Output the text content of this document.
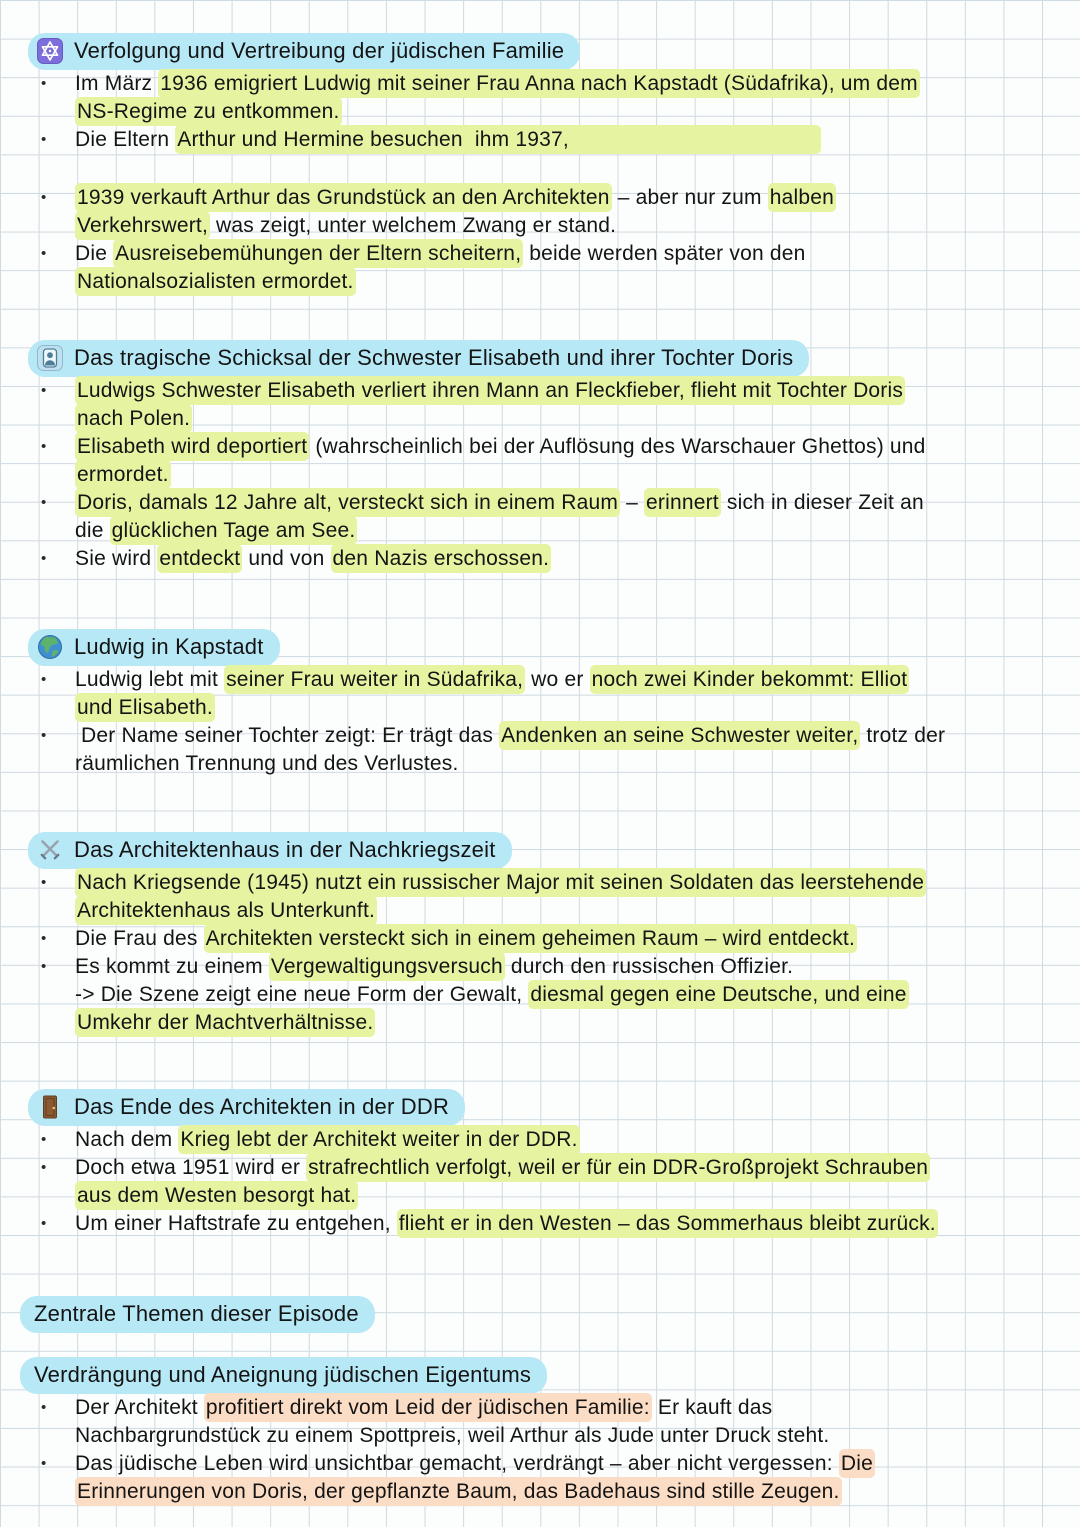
Verfolgung und Vertreibung der jüdischen Familie
•	Im März 1936 emigriert Ludwig mit seiner Frau Anna nach Kapstadt (Südafrika), um dem
NS-Regime zu entkommen.
•	Die Eltern Arthur und Hermine besuchen  ihm 1937,
•	1939 verkauft Arthur das Grundstück an den Architekten – aber nur zum halben
Verkehrswert, was zeigt, unter welchem Zwang er stand.
•	Die Ausreisebemühungen der Eltern scheitern, beide werden später von den
Nationalsozialisten ermordet.
Das tragische Schicksal der Schwester Elisabeth und ihrer Tochter Doris
•	Ludwigs Schwester Elisabeth verliert ihren Mann an Fleckfieber, flieht mit Tochter Doris
nach Polen.
•	Elisabeth wird deportiert (wahrscheinlich bei der Auflösung des Warschauer Ghettos) und
ermordet.
•	Doris, damals 12 Jahre alt, versteckt sich in einem Raum – erinnert sich in dieser Zeit an
die glücklichen Tage am See.
•	Sie wird entdeckt und von den Nazis erschossen.
Ludwig in Kapstadt
•	Ludwig lebt mit seiner Frau weiter in Südafrika, wo er noch zwei Kinder bekommt: Elliot
und Elisabeth.
•	Der Name seiner Tochter zeigt: Er trägt das Andenken an seine Schwester weiter, trotz der
räumlichen Trennung und des Verlustes.
Das Architektenhaus in der Nachkriegszeit
•	Nach Kriegsende (1945) nutzt ein russischer Major mit seinen Soldaten das leerstehende
Architektenhaus als Unterkunft.
•	Die Frau des Architekten versteckt sich in einem geheimen Raum – wird entdeckt.
•	Es kommt zu einem Vergewaltigungsversuch durch den russischen Offizier.
-> Die Szene zeigt eine neue Form der Gewalt, diesmal gegen eine Deutsche, und eine
Umkehr der Machtverhältnisse.
Das Ende des Architekten in der DDR
•	Nach dem Krieg lebt der Architekt weiter in der DDR.
•	Doch etwa 1951 wird er strafrechtlich verfolgt, weil er für ein DDR-Großprojekt Schrauben
aus dem Westen besorgt hat.
•	Um einer Haftstrafe zu entgehen, flieht er in den Westen – das Sommerhaus bleibt zurück.
Zentrale Themen dieser Episode
Verdrängung und Aneignung jüdischen Eigentums
•	Der Architekt profitiert direkt vom Leid der jüdischen Familie: Er kauft das
Nachbargrundstück zu einem Spottpreis, weil Arthur als Jude unter Druck steht.
•	Das jüdische Leben wird unsichtbar gemacht, verdrängt – aber nicht vergessen: Die
Erinnerungen von Doris, der gepflanzte Baum, das Badehaus sind stille Zeugen.
